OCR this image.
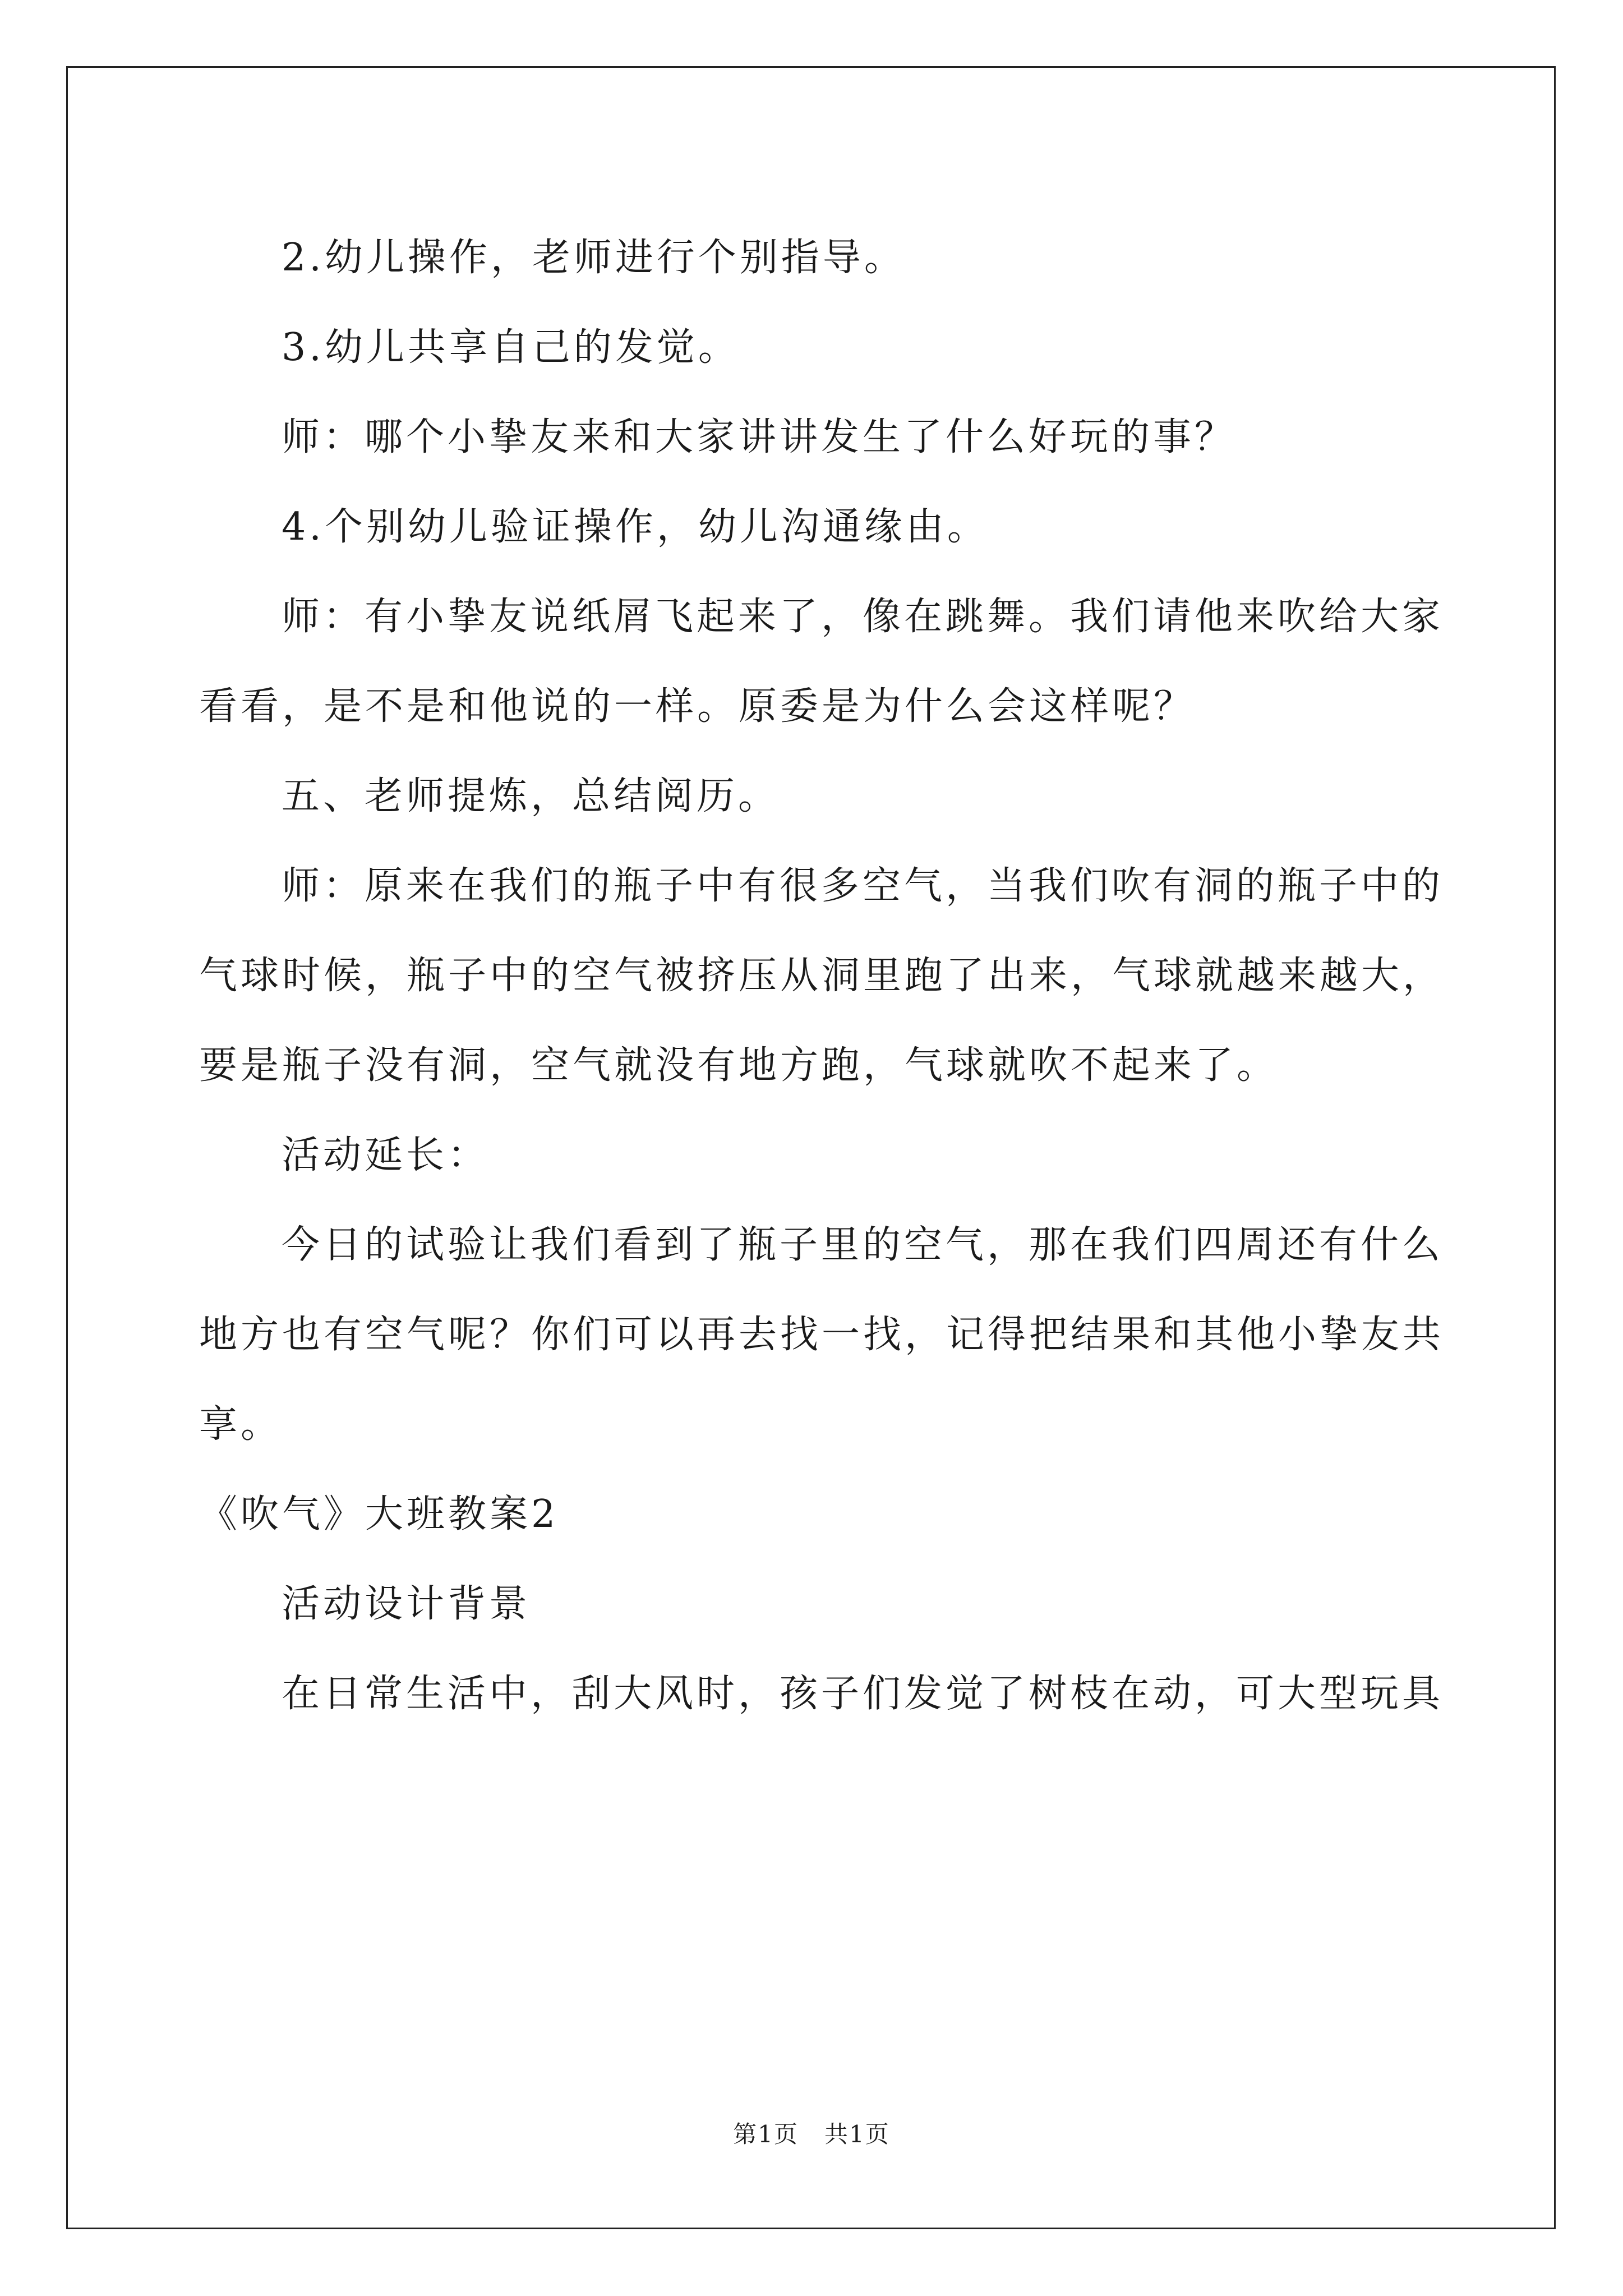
2.幼儿操作，老师进行个别指导。
3.幼儿共享自己的发觉。
师：哪个小挚友来和大家讲讲发生了什么好玩的事？
4.个别幼儿验证操作，幼儿沟通缘由。
师：有小挚友说纸屑飞起来了，像在跳舞。我们请他来吹给大家
看看，是不是和他说的一样。原委是为什么会这样呢？
五、老师提炼，总结阅历。
师：原来在我们的瓶子中有很多空气，当我们吹有洞的瓶子中的
气球时候，瓶子中的空气被挤压从洞里跑了出来，气球就越来越大，
要是瓶子没有洞，空气就没有地方跑，气球就吹不起来了。
活动延长：
今日的试验让我们看到了瓶子里的空气，那在我们四周还有什么
地方也有空气呢？你们可以再去找一找，记得把结果和其他小挚友共
享。
《吹气》大班教案2
活动设计背景
在日常生活中，刮大风时，孩子们发觉了树枝在动，可大型玩具
第1页 共1页
